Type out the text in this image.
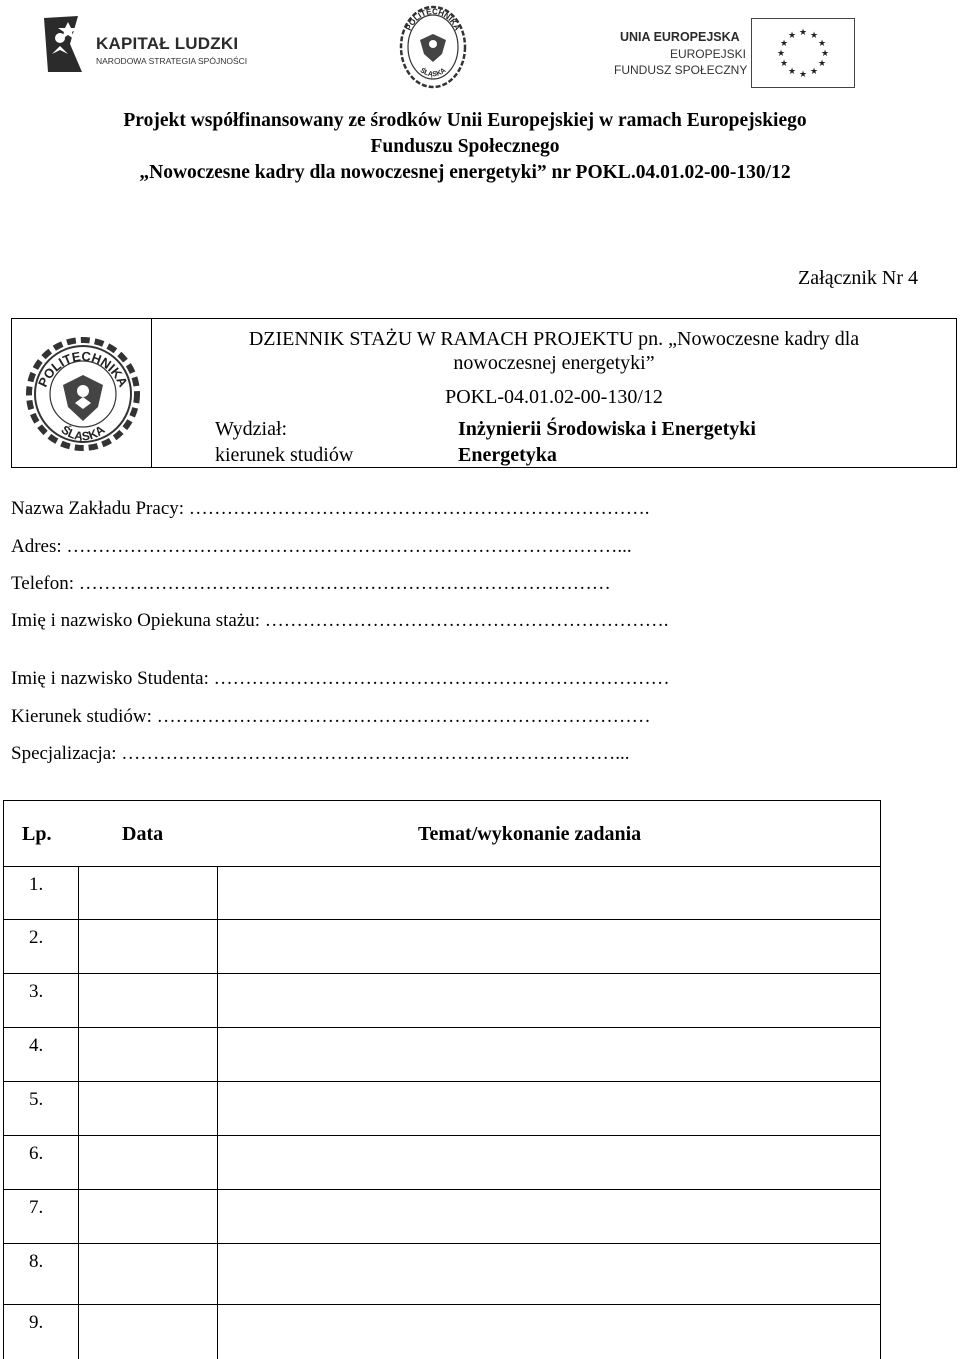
KAPITAŁ LUDZKI
NARODOWA STRATEGIA SPÓJNOŚCI
POLITECHNIKA
ŚLĄSKA
UNIA EUROPEJSKA
EUROPEJSKI
FUNDUSZ SPOŁECZNY
★ ★
★
★
★
★
★
★
★
★
★
★
Projekt współfinansowany ze środków Unii Europejskiej w ramach Europejskiego
Funduszu Społecznego
„Nowoczesne kadry dla nowoczesnej energetyki” nr POKL.04.01.02-00-130/12
Załącznik Nr 4
POLITECHNIKA
ŚLĄSKA
DZIENNIK STAŻU W RAMACH PROJEKTU pn. „Nowoczesne kadry dla
nowoczesnej energetyki”
POKL-04.01.02-00-130/12
Wydział:	Inżynierii Środowiska i Energetyki
kierunek studiów	Energetyka
Nazwa Zakładu Pracy: ……………………………………………………………….
Adres: ……………………………………………………………………………...
Telefon: …………………………………………………………………………
Imię i nazwisko Opiekuna stażu: ……………………………………………………….
Imię i nazwisko Studenta: ………………………………………………………………
Kierunek studiów: ……………………………………………………………………
Specjalizacja: ……………………………………………………………………...
Lp.	Data	Temat/wykonanie zadania
1.
2.
3.
4.
5.
6.
7.
8.
9.
